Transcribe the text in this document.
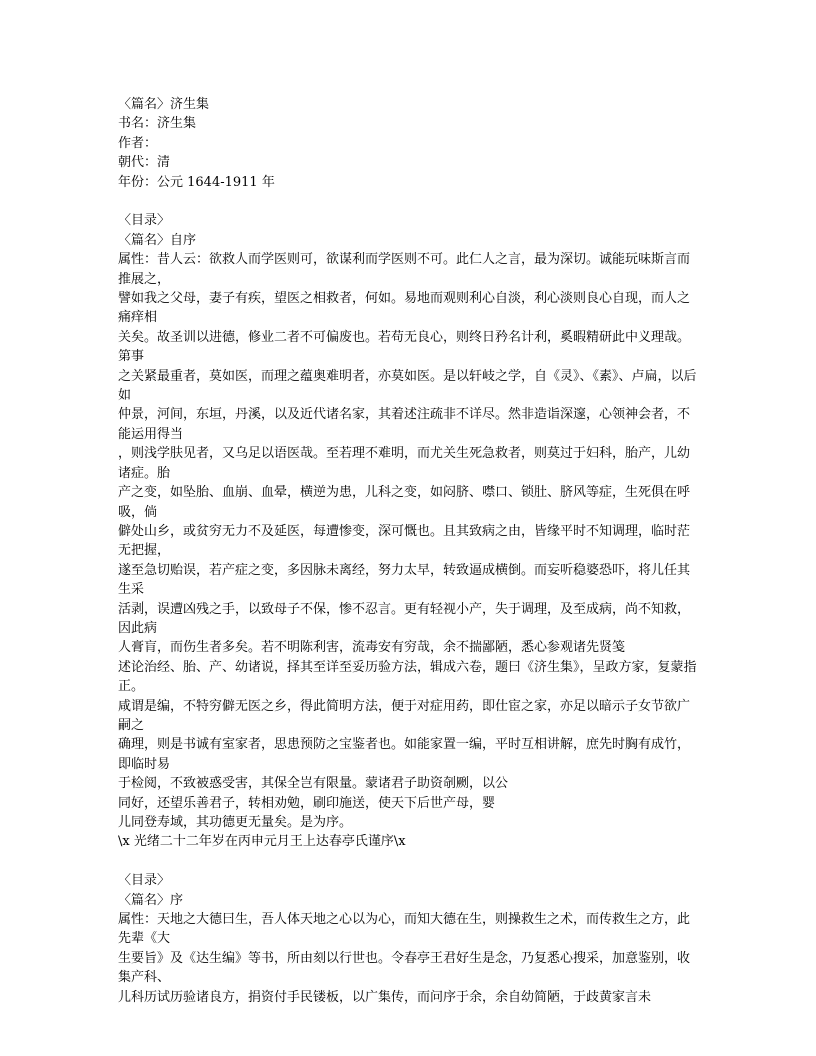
〈篇名〉济生集
书名：济生集
作者：
朝代：清
年份：公元 1644-1911 年
〈目录〉
〈篇名〉自序
属性：昔人云：欲救人而学医则可，欲谋利而学医则不可。此仁人之言，最为深切。诚能玩味斯言而推展之，
譬如我之父母，妻子有疾，望医之相救者，何如。易地而观则利心自淡，利心淡则良心自现，而人之痛痒相
关矣。故圣训以进德，修业二者不可偏废也。若苟无良心，则终日矜名计利，奚暇精研此中义理哉。第事
之关紧最重者，莫如医，而理之蕴奥难明者，亦莫如医。是以轩岐之学，自《灵》、《素》、卢扁，以后如
仲景，河间，东垣，丹溪，以及近代诸名家，其着述注疏非不详尽。然非造诣深邃，心领神会者，不能运用得当
，则浅学肤见者，又乌足以语医哉。至若理不难明，而尤关生死急救者，则莫过于妇科，胎产，儿幼诸症。胎
产之变，如坠胎、血崩、血晕，横逆为患，儿科之变，如闷脐、噤口、锁肚、脐风等症，生死俱在呼吸，倘
僻处山乡，或贫穷无力不及延医，每遭惨变，深可慨也。且其致病之由，皆缘平时不知调理，临时茫无把握，
遂至急切贻误，若产症之变，多因脉未离经，努力太早，转致逼成横倒。而妄听稳婆恐吓，将儿任其生采
活剥，误遭凶残之手，以致母子不保，惨不忍言。更有轻视小产，失于调理，及至成病，尚不知救，因此病
人膏肓，而伤生者多矣。若不明陈利害，流毒安有穷哉，余不揣鄙陋，悉心参观诸先贤笺
述论治经、胎、产、幼诸说，择其至详至妥历验方法，辑成六卷，题曰《济生集》，呈政方家，复蒙指正。
咸谓是编，不特穷僻无医之乡，得此简明方法，便于对症用药，即仕宦之家，亦足以暗示子女节欲广嗣之
确理，则是书诚有室家者，思患预防之宝鉴者也。如能家置一编，平时互相讲解，庶先时胸有成竹，即临时易
于检阅，不致被惑受害，其保全岂有限量。蒙诸君子助资剞劂，以公
同好，还望乐善君子，转相劝勉，刷印施送，使天下后世产母，婴
儿同登寿域，其功德更无量矣。是为序。
\x 光绪二十二年岁在丙申元月王上达春亭氏谨序\x
〈目录〉
〈篇名〉序
属性：天地之大德曰生，吾人体天地之心以为心，而知大德在生，则操救生之术，而传救生之方，此先辈《大
生要旨》及《达生编》等书，所由刻以行世也。令春亭王君好生是念，乃复悉心搜采，加意鉴别，收集产科、
儿科历试历验诸良方，捐资付手民镂板，以广集传，而问序于余，余自幼简陋，于歧黄家言未
